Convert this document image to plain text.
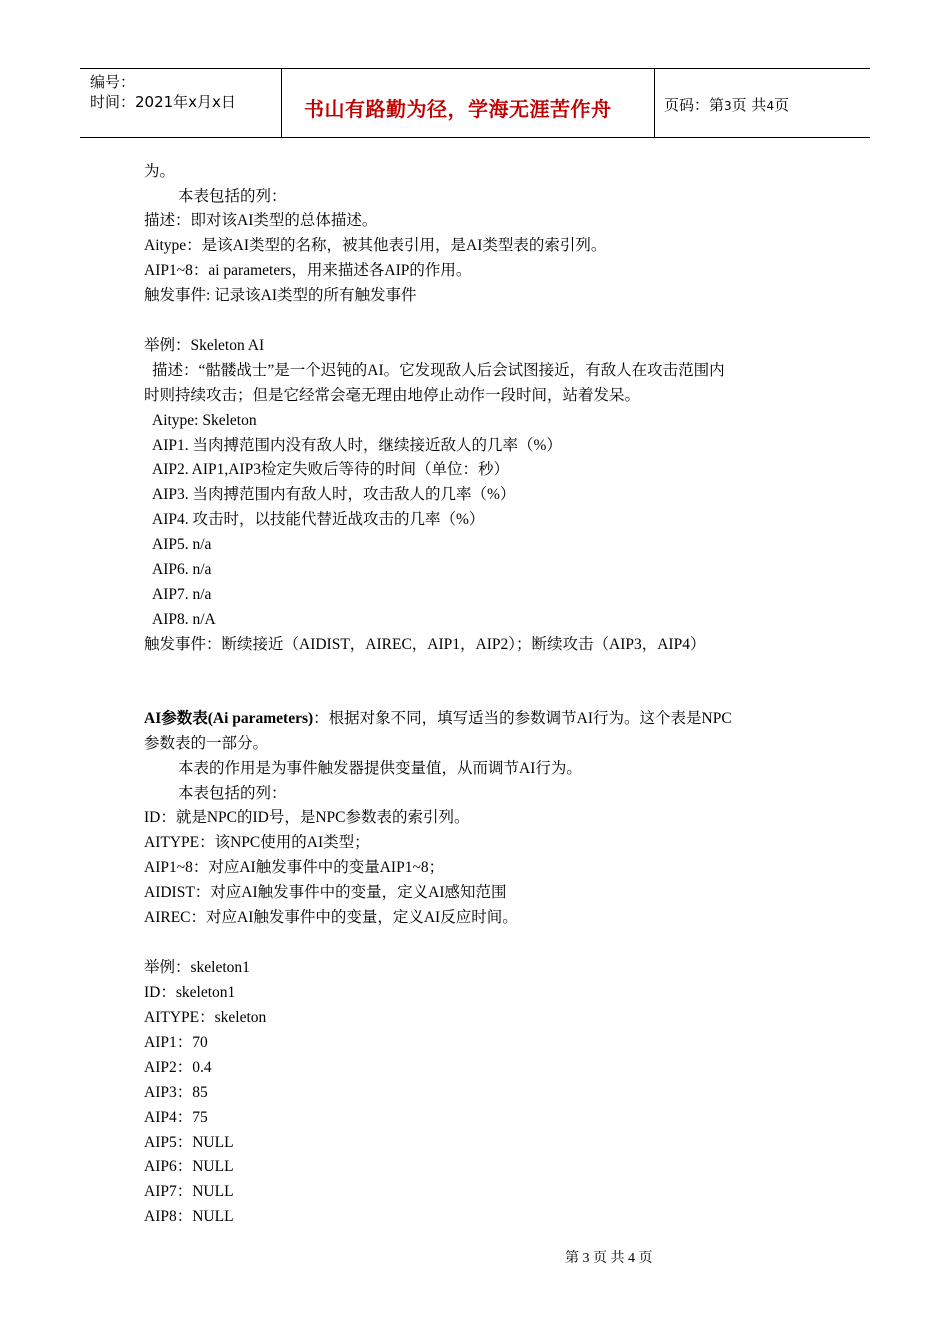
编号：
时间：2021年x月x日	书山有路勤为径，学海无涯苦作舟	页码：第3页 共4页
为。
本表包括的列：
描述：即对该AI类型的总体描述。
Aitype：是该AI类型的名称，被其他表引用，是AI类型表的索引列。
AIP1~8：ai parameters，用来描述各AIP的作用。
触发事件: 记录该AI类型的所有触发事件
举例：Skeleton AI
描述：“骷髅战士”是一个迟钝的AI。它发现敌人后会试图接近，有敌人在攻击范围内
时则持续攻击；但是它经常会毫无理由地停止动作一段时间，站着发呆。
Aitype: Skeleton
AIP1. 当肉搏范围内没有敌人时，继续接近敌人的几率（%）
AIP2. AIP1,AIP3检定失败后等待的时间（单位：秒）
AIP3. 当肉搏范围内有敌人时，攻击敌人的几率（%）
AIP4. 攻击时，以技能代替近战攻击的几率（%）
AIP5. n/a
AIP6. n/a
AIP7. n/a
AIP8. n/A
触发事件：断续接近（AIDIST，AIREC，AIP1，AIP2）；断续攻击（AIP3，AIP4）
AI参数表(Ai parameters)：根据对象不同，填写适当的参数调节AI行为。这个表是NPC
参数表的一部分。
本表的作用是为事件触发器提供变量值，从而调节AI行为。
本表包括的列：
ID：就是NPC的ID号，是NPC参数表的索引列。
AITYPE：该NPC使用的AI类型；
AIP1~8：对应AI触发事件中的变量AIP1~8；
AIDIST：对应AI触发事件中的变量，定义AI感知范围
AIREC：对应AI触发事件中的变量，定义AI反应时间。
举例：skeleton1
ID：skeleton1
AITYPE：skeleton
AIP1：70
AIP2：0.4
AIP3：85
AIP4：75
AIP5：NULL
AIP6：NULL
AIP7：NULL
AIP8：NULL
第 3 页 共 4 页
